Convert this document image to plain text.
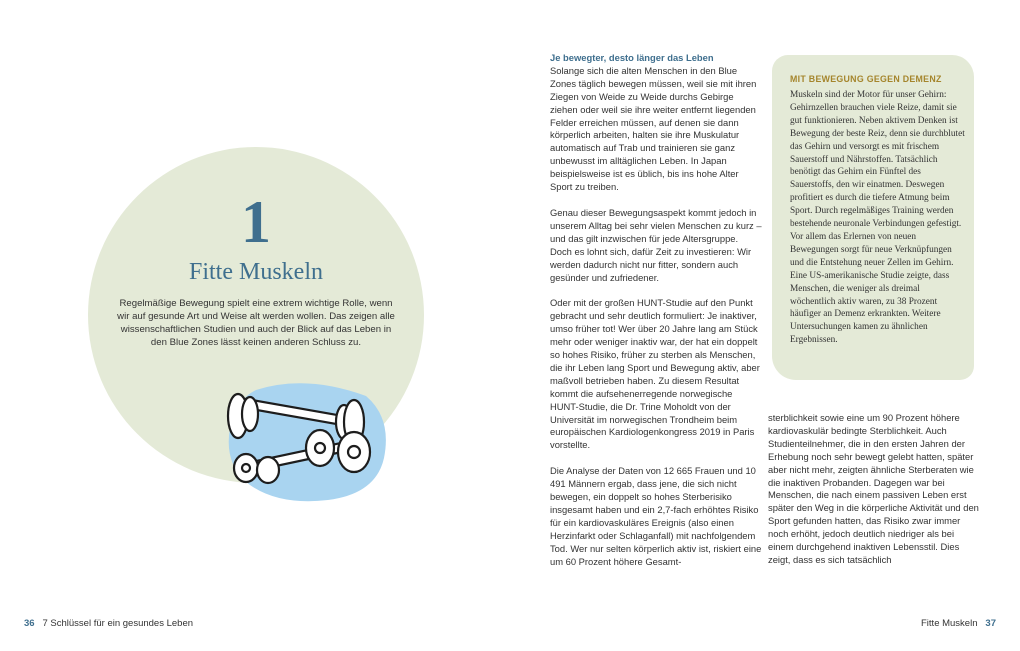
1
Fitte Muskeln
Regelmäßige Bewegung spielt eine extrem wichtige Rolle, wenn wir auf gesunde Art und Weise alt werden wollen. Das zeigen alle wissenschaftlichen Studien und auch der Blick auf das Leben in den Blue Zones lässt keinen anderen Schluss zu.

Je bewegter, desto länger das Leben
Solange sich die alten Menschen in den Blue Zones täglich bewegen müssen, weil sie mit ihren Ziegen von Weide zu Weide durchs Gebirge ziehen oder weil sie ihre weiter entfernt liegenden Felder erreichen müssen, auf denen sie dann körperlich arbeiten, halten sie ihre Muskulatur automatisch auf Trab und trainieren sie ganz unbewusst im alltäglichen Leben. In Japan beispielsweise ist es üblich, bis ins hohe Alter Sport zu treiben.

Genau dieser Bewegungsaspekt kommt jedoch in unserem Alltag bei sehr vielen Menschen zu kurz – und das gilt inzwischen für jede Altersgruppe. Doch es lohnt sich, dafür Zeit zu investieren: Wir werden dadurch nicht nur fitter, sondern auch gesünder und zufriedener.

Oder mit der großen HUNT-Studie auf den Punkt gebracht und sehr deutlich formuliert: Je inaktiver, umso früher tot! Wer über 20 Jahre lang am Stück mehr oder weniger inaktiv war, der hat ein doppelt so hohes Risiko, früher zu sterben als Menschen, die ihr Leben lang Sport und Bewegung aktiv, aber maßvoll betrieben haben. Zu diesem Resultat kommt die aufsehenerregende norwegische HUNT-Studie, die Dr. Trine Moholdt von der Universität im norwegischen Trondheim beim europäischen Kardiologenkongress 2019 in Paris vorstellte.

Die Analyse der Daten von 12 665 Frauen und 10 491 Männern ergab, dass jene, die sich nicht bewegen, ein doppelt so hohes Sterberisiko insgesamt haben und ein 2,7-fach erhöhtes Risiko für ein kardiovaskuläres Ereignis (also einen Herzinfarkt oder Schlaganfall) mit nachfolgendem Tod. Wer nur selten körperlich aktiv ist, riskiert eine um 60 Prozent höhere Gesamt-

MIT BEWEGUNG GEGEN DEMENZ
Muskeln sind der Motor für unser Gehirn: Gehirnzellen brauchen viele Reize, damit sie gut funktionieren. Neben aktivem Denken ist Bewegung der beste Reiz, denn sie durchblutet das Gehirn und versorgt es mit frischem Sauerstoff und Nährstoffen. Tatsächlich benötigt das Gehirn ein Fünftel des Sauerstoffs, den wir einatmen. Deswegen profitiert es durch die tiefere Atmung beim Sport. Durch regelmäßiges Training werden bestehende neuronale Verbindungen gefestigt. Vor allem das Erlernen von neuen Bewegungen sorgt für neue Verknüpfungen und die Entstehung neuer Zellen im Gehirn. Eine US-amerikanische Studie zeigte, dass Menschen, die weniger als dreimal wöchentlich aktiv waren, zu 38 Prozent häufiger an Demenz erkrankten. Weitere Untersuchungen kamen zu ähnlichen Ergebnissen.

sterblichkeit sowie eine um 90 Prozent höhere kardiovaskulär bedingte Sterblichkeit. Auch Studienteilnehmer, die in den ersten Jahren der Erhebung noch sehr bewegt gelebt hatten, später aber nicht mehr, zeigten ähnliche Sterberaten wie die inaktiven Probanden. Dagegen war bei Menschen, die nach einem passiven Leben erst später den Weg in die körperliche Aktivität und den Sport gefunden hatten, das Risiko zwar immer noch erhöht, jedoch deutlich niedriger als bei einem durchgehend inaktiven Lebensstil. Dies zeigt, dass es sich tatsächlich

36 7 Schlüssel für ein gesundes Leben	Fitte Muskeln 37
